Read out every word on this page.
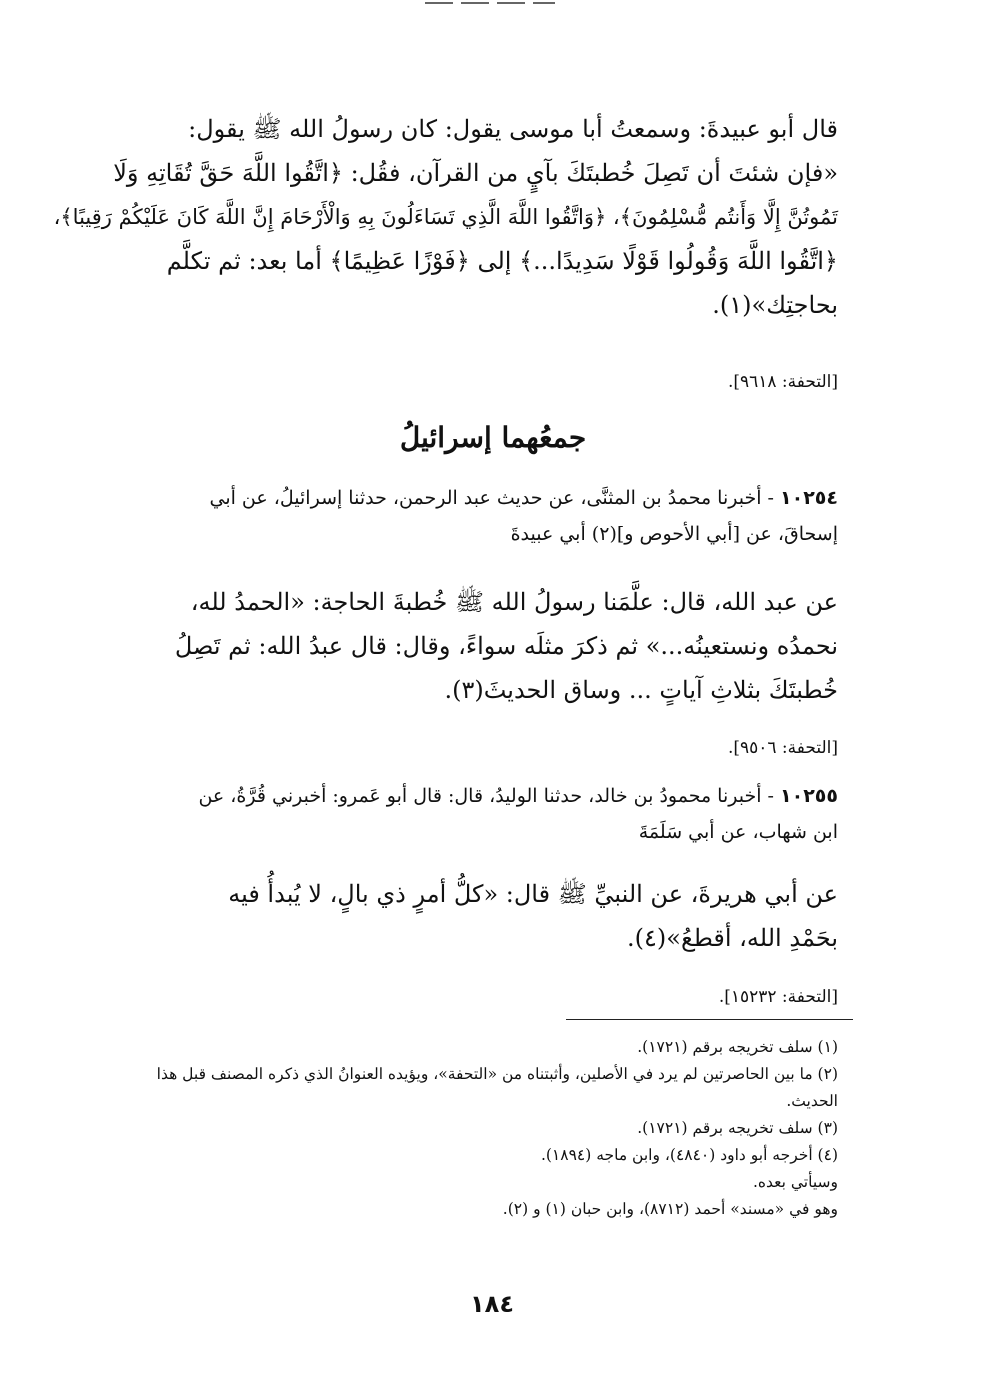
قال أبو عبيدةَ: وسمعتُ أبا موسى يقول: كان رسولُ الله ﷺ يقول:
«فإن شئتَ أن تَصِلَ خُطبتَكَ بآيٍ من القرآن، فقُل: ﴿اتَّقُوا اللَّهَ حَقَّ تُقَاتِهِ وَلَا
تَمُوتُنَّ إِلَّا وَأَنتُم مُّسْلِمُونَ﴾، ﴿وَاتَّقُوا اللَّهَ الَّذِي تَسَاءَلُونَ بِهِ وَالْأَرْحَامَ إِنَّ اللَّهَ كَانَ عَلَيْكُمْ رَقِيبًا﴾،
﴿اتَّقُوا اللَّهَ وَقُولُوا قَوْلًا سَدِيدًا...﴾ إلى ﴿فَوْزًا عَظِيمًا﴾ أما بعد: ثم تكلَّم
بحاجتِك»(١).
[التحفة: ٩٦١٨].
جمعُهما إسرائيلُ
١٠٢٥٤ - أخبرنا محمدُ بن المثنَّى، عن حديث عبد الرحمن، حدثنا إسرائيلُ، عن أبي
إسحاقَ، عن [أبي الأحوص و](٢) أبي عبيدةَ
عن عبد الله، قال: علَّمَنا رسولُ الله ﷺ خُطبةَ الحاجة: «الحمدُ لله،
نحمدُه ونستعينُه...» ثم ذكرَ مثلَه سواءً، وقال: قال عبدُ الله: ثم تَصِلُ
خُطبتَكَ بثلاثِ آياتٍ ... وساق الحديثَ(٣).
[التحفة: ٩٥٠٦].
١٠٢٥٥ - أخبرنا محمودُ بن خالد، حدثنا الوليدُ، قال: قال أبو عَمرو: أخبرني قُرَّةُ، عن
ابن شهاب، عن أبي سَلَمَةَ
عن أبي هريرةَ، عن النبيِّ ﷺ قال: «كلُّ أمرٍ ذي بالٍ، لا يُبدأُ فيه
بحَمْدِ الله، أقطعُ»(٤).
[التحفة: ١٥٢٣٢].
(١) سلف تخريجه برقم (١٧٢١).
(٢) ما بين الحاصرتين لم يرد في الأصلين، وأثبتناه من «التحفة»، ويؤيده العنوانُ الذي ذكره المصنف قبل هذا
الحديث.
(٣) سلف تخريجه برقم (١٧٢١).
(٤) أخرجه أبو داود (٤٨٤٠)، وابن ماجه (١٨٩٤).
وسيأتي بعده.
وهو في «مسند» أحمد (٨٧١٢)، وابن حبان (١) و (٢).
١٨٤
